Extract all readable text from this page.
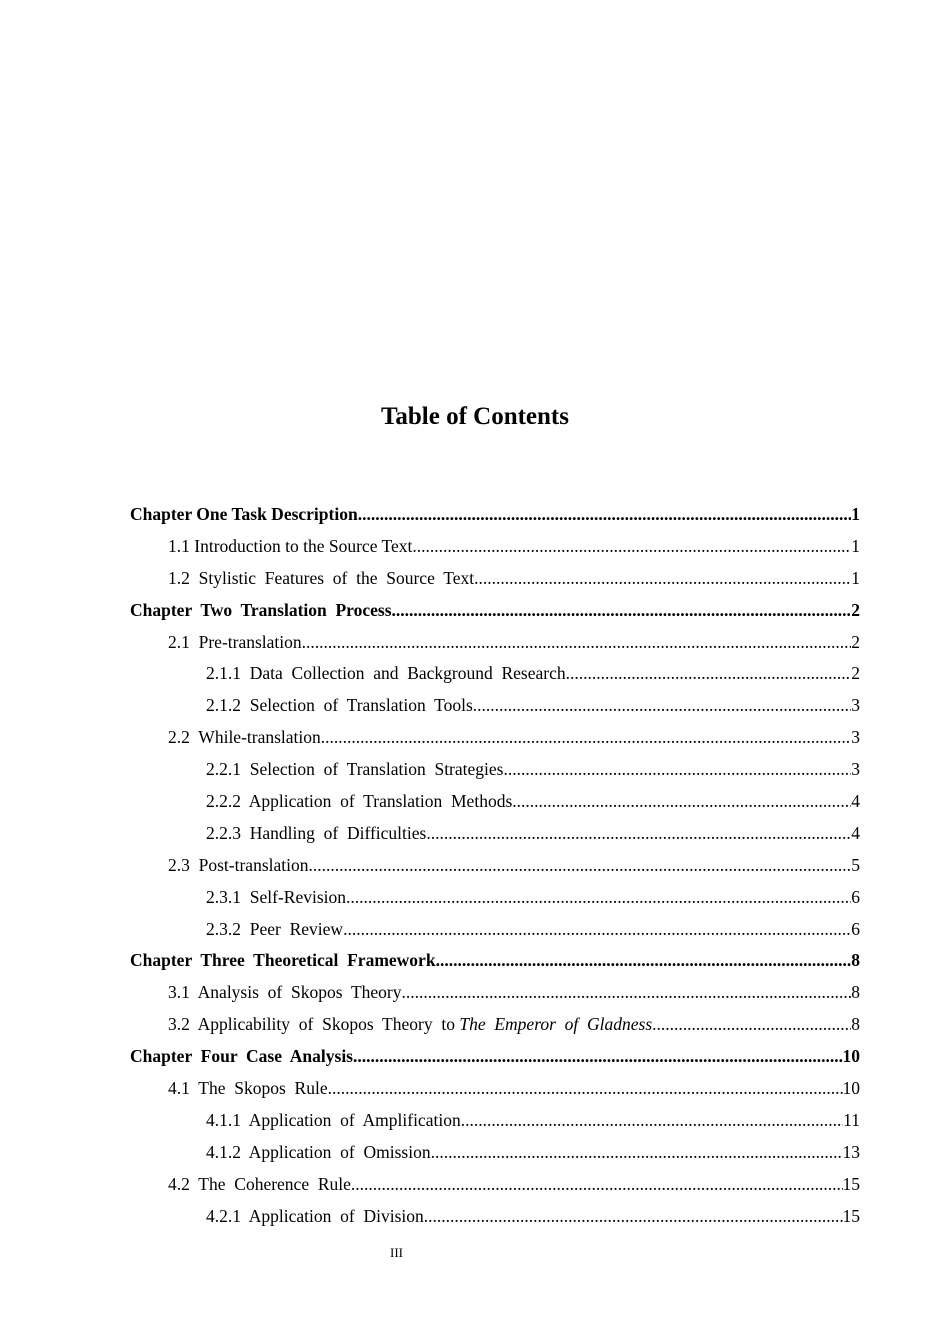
Table of Contents
Chapter One Task Description .....	1
1.1 Introduction to the Source Text .....	1
1.2  Stylistic  Features  of  the  Source  Text .....	1
Chapter  Two  Translation  Process .....	2
2.1  Pre-translation .....	2
2.1.1  Data  Collection  and  Background  Research .....	2
2.1.2  Selection  of  Translation  Tools .....	3
2.2  While-translation .....	3
2.2.1  Selection  of  Translation  Strategies .....	3
2.2.2  Application  of  Translation  Methods .....	4
2.2.3  Handling  of  Difficulties .....	4
2.3  Post-translation .....	5
2.3.1  Self-Revision .....	6
2.3.2  Peer  Review .....	6
Chapter  Three  Theoretical  Framework .....	8
3.1  Analysis  of  Skopos  Theory .....	8
3.2  Applicability  of  Skopos  Theory  to The  Emperor  of  Gladness .....	8
Chapter  Four  Case  Analysis .....	10
4.1  The  Skopos  Rule .....	10
4.1.1  Application  of  Amplification .....	11
4.1.2  Application  of  Omission .....	13
4.2  The  Coherence  Rule .....	15
4.2.1  Application  of  Division .....	15
III
